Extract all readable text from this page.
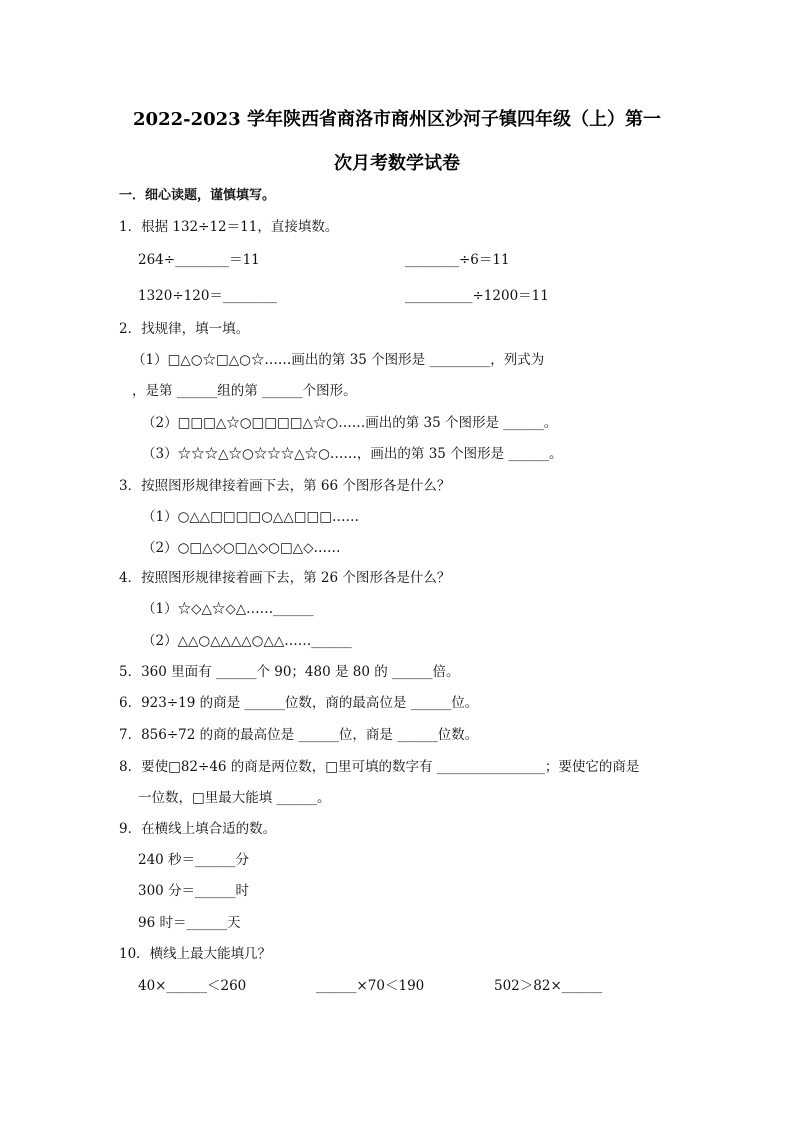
2022-2023 学年陕西省商洛市商州区沙河子镇四年级（上）第一
次月考数学试卷
一．细心读题，谨慎填写。
1．根据 132÷12＝11，直接填数。
264÷________＝11	________÷6＝11
1320÷120＝________	__________÷1200＝11
2．找规律，填一填。
（1）□△○☆□△○☆……画出的第 35 个图形是 _________，列式为
，是第 ______组的第 ______个图形。
（2）□□□△☆○□□□□△☆○……画出的第 35 个图形是 ______。
（3）☆☆☆△☆○☆☆☆△☆○……，画出的第 35 个图形是 ______。
3．按照图形规律接着画下去，第 66 个图形各是什么？
（1）○△△□□□□○△△□□□……
（2）○□△◇○□△◇○□△◇……
4．按照图形规律接着画下去，第 26 个图形各是什么？
（1）☆◇△☆◇△……______
（2）△△○△△△△○△△……______
5．360 里面有 ______个 90；480 是 80 的 ______倍。
6．923÷19 的商是 ______位数，商的最高位是 ______位。
7．856÷72 的商的最高位是 ______位，商是 ______位数。
8．要使□82÷46 的商是两位数，□里可填的数字有 ________________；要使它的商是
一位数，□里最大能填 ______。
9．在横线上填合适的数。
240 秒＝______分
300 分＝______时
96 时＝______天
10．横线上最大能填几？
40×______＜260	______×70＜190	502＞82×______
